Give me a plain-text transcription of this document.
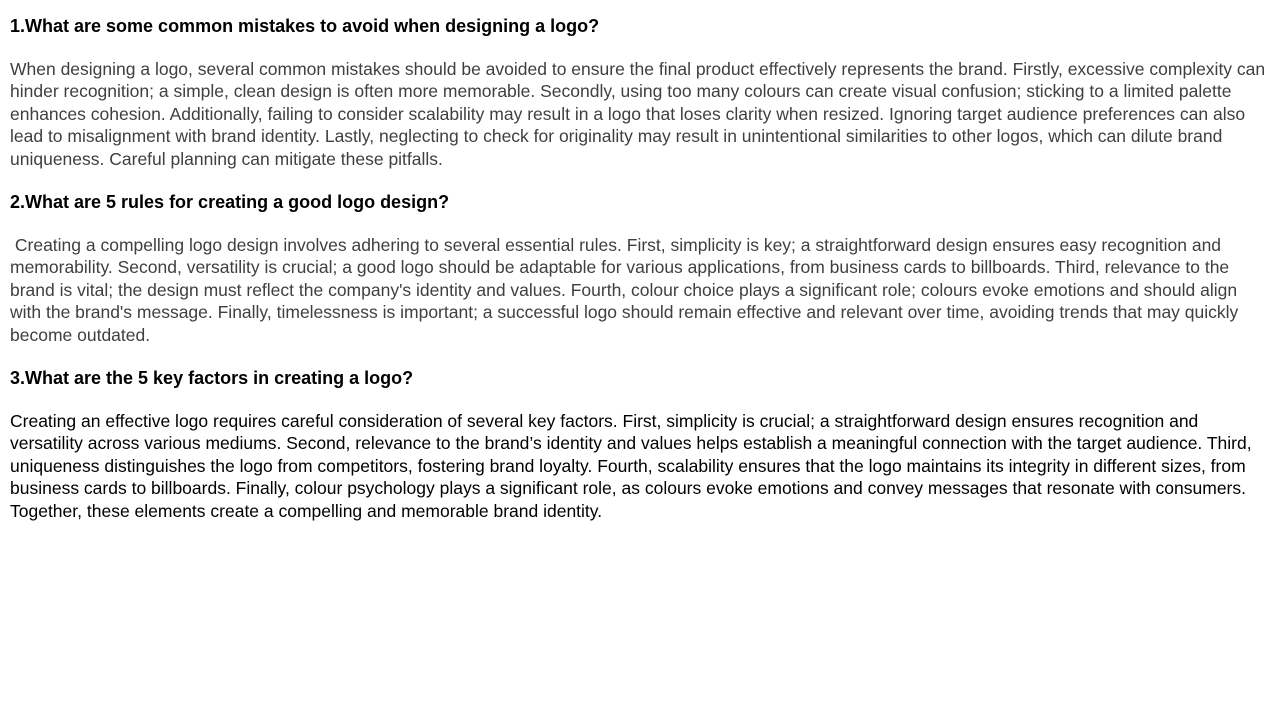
1.What are some common mistakes to avoid when designing a logo?
When designing a logo, several common mistakes should be avoided to ensure the final product effectively represents the brand. Firstly, excessive complexity can hinder recognition; a simple, clean design is often more memorable. Secondly, using too many colours can create visual confusion; sticking to a limited palette enhances cohesion. Additionally, failing to consider scalability may result in a logo that loses clarity when resized. Ignoring target audience preferences can also lead to misalignment with brand identity. Lastly, neglecting to check for originality may result in unintentional similarities to other logos, which can dilute brand uniqueness. Careful planning can mitigate these pitfalls.
2.What are 5 rules for creating a good logo design?
Creating a compelling logo design involves adhering to several essential rules. First, simplicity is key; a straightforward design ensures easy recognition and memorability. Second, versatility is crucial; a good logo should be adaptable for various applications, from business cards to billboards. Third, relevance to the brand is vital; the design must reflect the company's identity and values. Fourth, colour choice plays a significant role; colours evoke emotions and should align with the brand's message. Finally, timelessness is important; a successful logo should remain effective and relevant over time, avoiding trends that may quickly become outdated.
3.What are the 5 key factors in creating a logo?
Creating an effective logo requires careful consideration of several key factors. First, simplicity is crucial; a straightforward design ensures recognition and versatility across various mediums. Second, relevance to the brand’s identity and values helps establish a meaningful connection with the target audience. Third, uniqueness distinguishes the logo from competitors, fostering brand loyalty. Fourth, scalability ensures that the logo maintains its integrity in different sizes, from business cards to billboards. Finally, colour psychology plays a significant role, as colours evoke emotions and convey messages that resonate with consumers. Together, these elements create a compelling and memorable brand identity.
